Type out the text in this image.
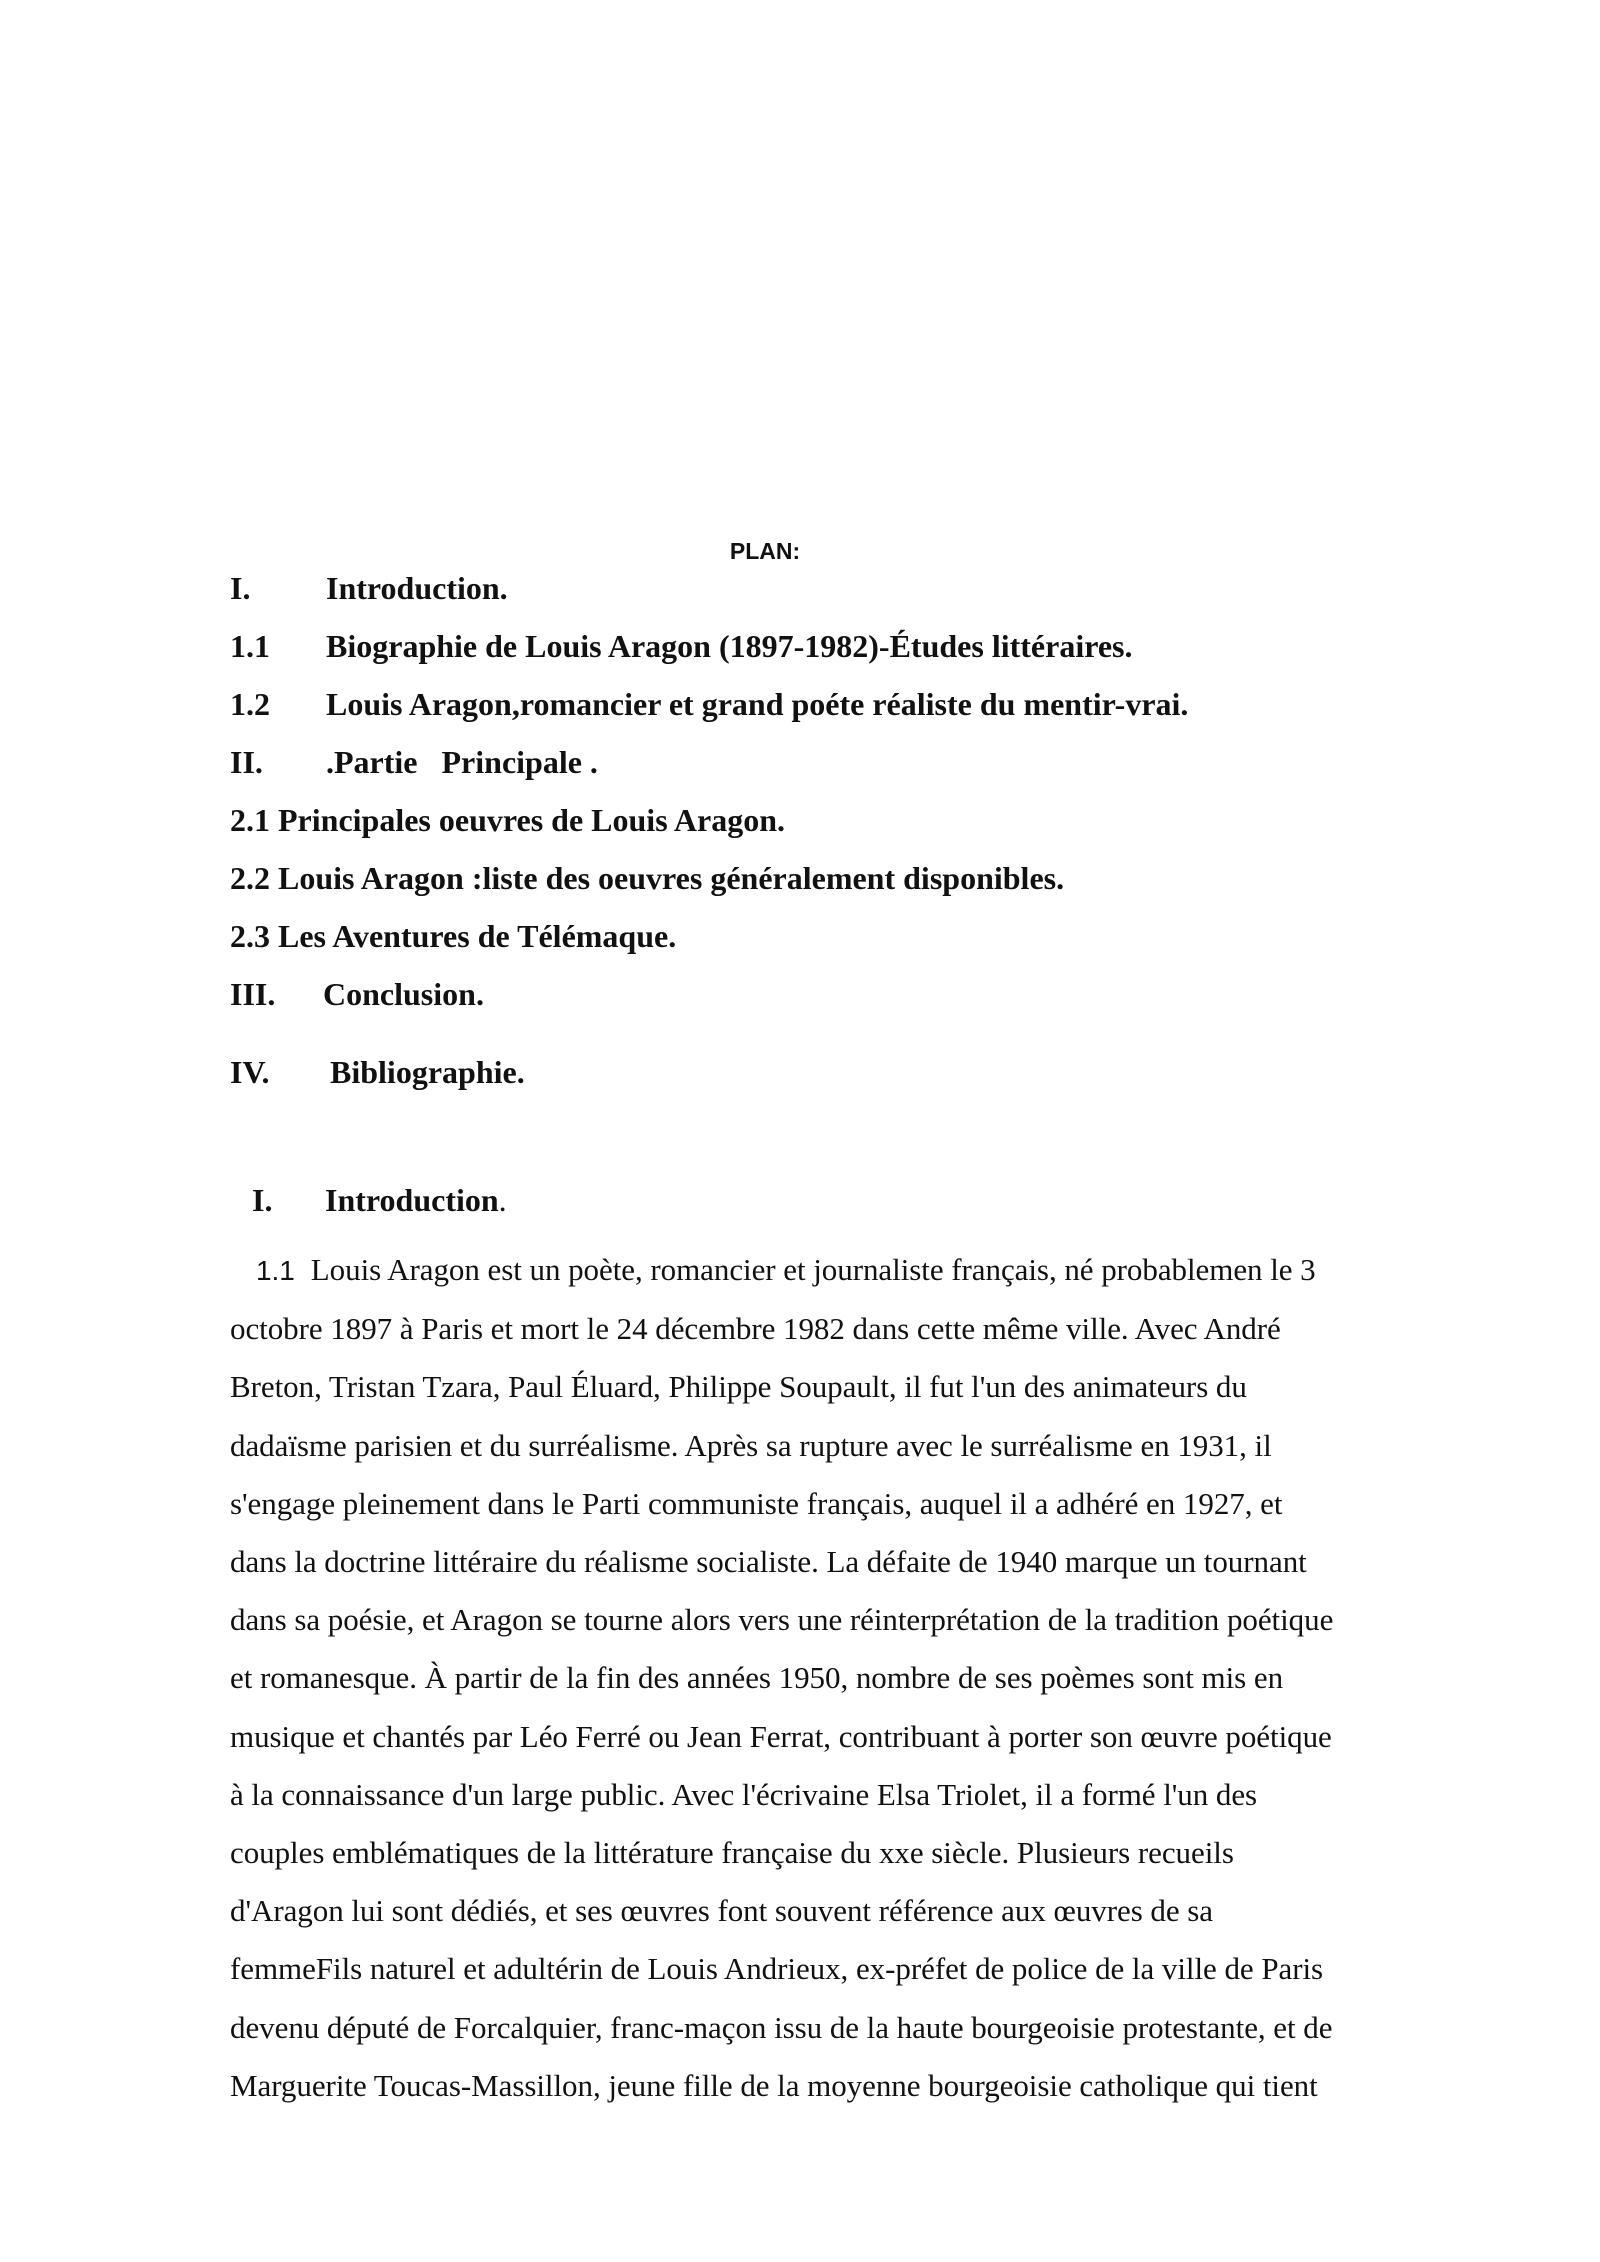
PLAN:
I. Introduction.
1.1 Biographie de Louis Aragon (1897-1982)-Études littéraires.
1.2 Louis Aragon,romancier et grand poéte réaliste du mentir-vrai.
II. .Partie   Principale .
2.1 Principales oeuvres de Louis Aragon.
2.2 Louis Aragon :liste des oeuvres généralement disponibles.
2.3 Les Aventures de Télémaque.
III. Conclusion.
IV. Bibliographie.
I. Introduction.
1.1 Louis Aragon est un poète, romancier et journaliste français, né probablemen le 3
octobre 1897 à Paris et mort le 24 décembre 1982 dans cette même ville. Avec André
Breton, Tristan Tzara, Paul Éluard, Philippe Soupault, il fut l'un des animateurs du
dadaïsme parisien et du surréalisme. Après sa rupture avec le surréalisme en 1931, il
s'engage pleinement dans le Parti communiste français, auquel il a adhéré en 1927, et
dans la doctrine littéraire du réalisme socialiste. La défaite de 1940 marque un tournant
dans sa poésie, et Aragon se tourne alors vers une réinterprétation de la tradition poétique
et romanesque. À partir de la fin des années 1950, nombre de ses poèmes sont mis en
musique et chantés par Léo Ferré ou Jean Ferrat, contribuant à porter son œuvre poétique
à la connaissance d'un large public. Avec l'écrivaine Elsa Triolet, il a formé l'un des
couples emblématiques de la littérature française du xxe siècle. Plusieurs recueils
d'Aragon lui sont dédiés, et ses œuvres font souvent référence aux œuvres de sa
femmeFils naturel et adultérin de Louis Andrieux, ex-préfet de police de la ville de Paris
devenu député de Forcalquier, franc-maçon issu de la haute bourgeoisie protestante, et de
Marguerite Toucas-Massillon, jeune fille de la moyenne bourgeoisie catholique qui tient
